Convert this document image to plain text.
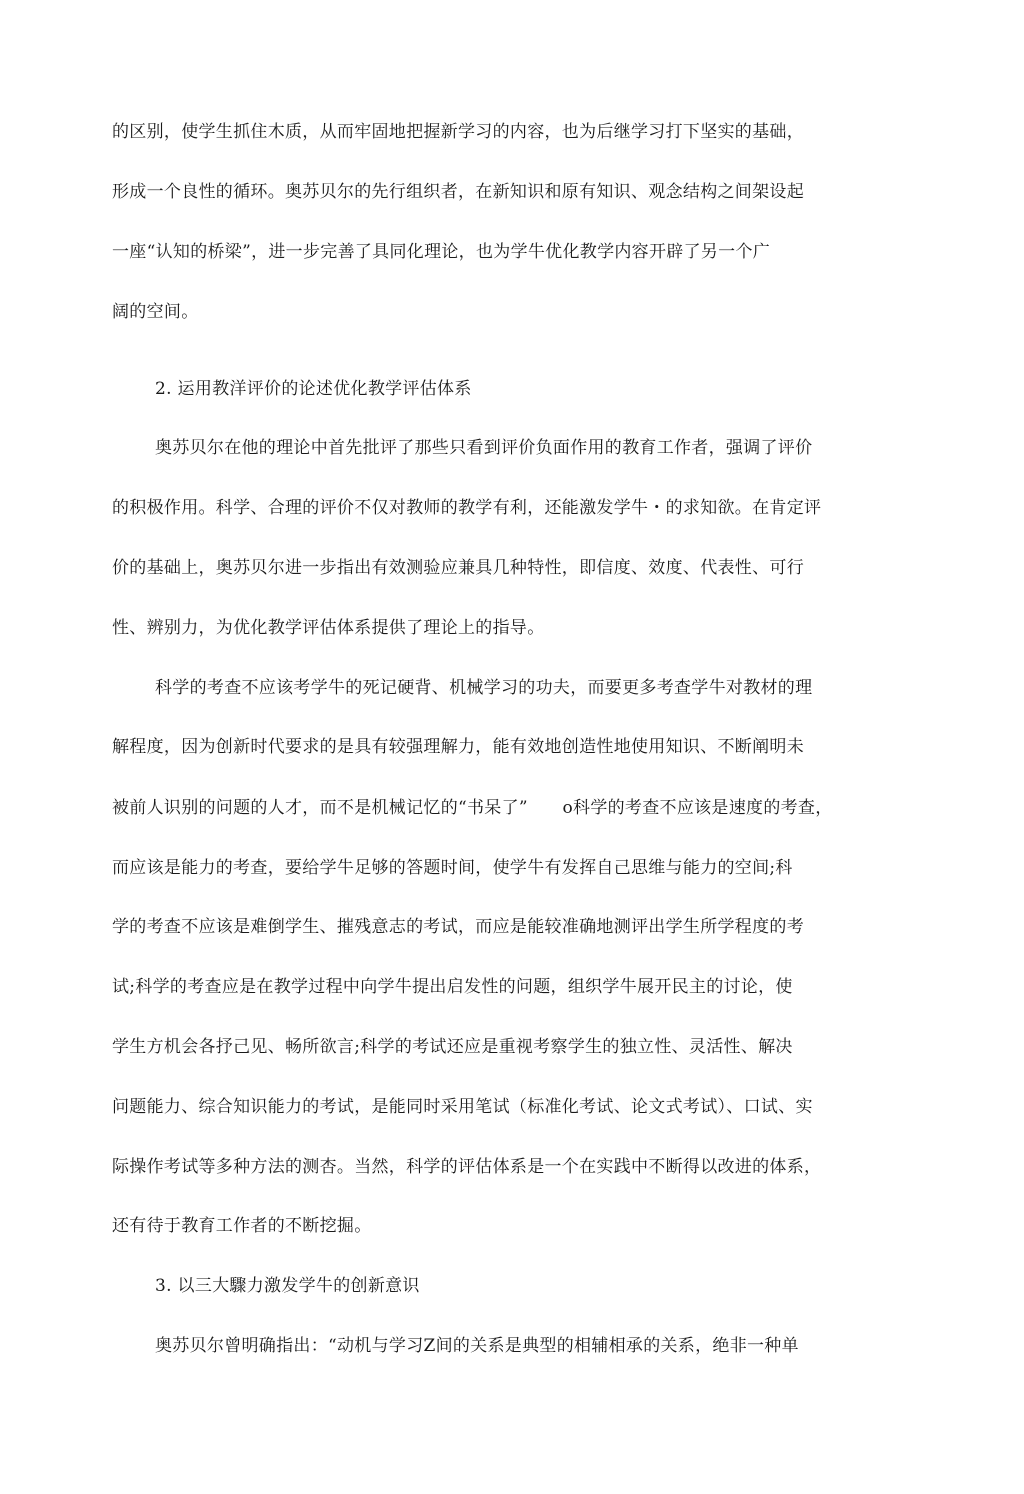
的区别，使学生抓住木质，从而牢固地把握新学习的内容，也为后继学习打下坚实的基础，
形成一个良性的循环。奥苏贝尔的先行组织者，在新知识和原有知识、观念结构之间架设起
一座“认知的桥梁”，进一步完善了具同化理论，也为学牛优化教学内容开辟了另一个广
阔的空间。
2. 运用教洋评价的论述优化教学评估体系
奥苏贝尔在他的理论中首先批评了那些只看到评价负面作用的教育工作者，强调了评价
的积极作用。科学、合理的评价不仅对教师的教学有利，还能激发学牛・的求知欲。在肯定评
价的基础上，奥苏贝尔进一步指出有效测验应兼具几种特性，即信度、效度、代表性、可行
性、辨别力，为优化教学评估体系提供了理论上的指导。
科学的考查不应该考学牛的死记硬背、机械学习的功夫，而要更多考查学牛对教材的理
解程度，因为创新时代要求的是具有较强理解力，能有效地创造性地使用知识、不断阐明未
被前人识别的问题的人才，而不是机械记忆的“书呆了”　　o科学的考查不应该是速度的考查，
而应该是能力的考查，要给学牛足够的答题时间，使学牛有发挥自己思维与能力的空间;科
学的考查不应该是难倒学生、摧残意志的考试，而应是能较准确地测评出学生所学程度的考
试;科学的考查应是在教学过程中向学牛提出启发性的问题，组织学牛展开民主的讨论，使
学生方机会各抒己见、畅所欲言;科学的考试还应是重视考察学生的独立性、灵活性、解决
问题能力、综合知识能力的考试，是能同时采用笔试（标准化考试、论文式考试）、口试、实
际操作考试等多种方法的测杏。当然，科学的评估体系是一个在实践中不断得以改进的体系，
还有待于教育工作者的不断挖掘。
3. 以三大驟力激发学牛的创新意识
奥苏贝尔曾明确指出：“动机与学习Z间的关系是典型的相辅相承的关系，绝非一种单
